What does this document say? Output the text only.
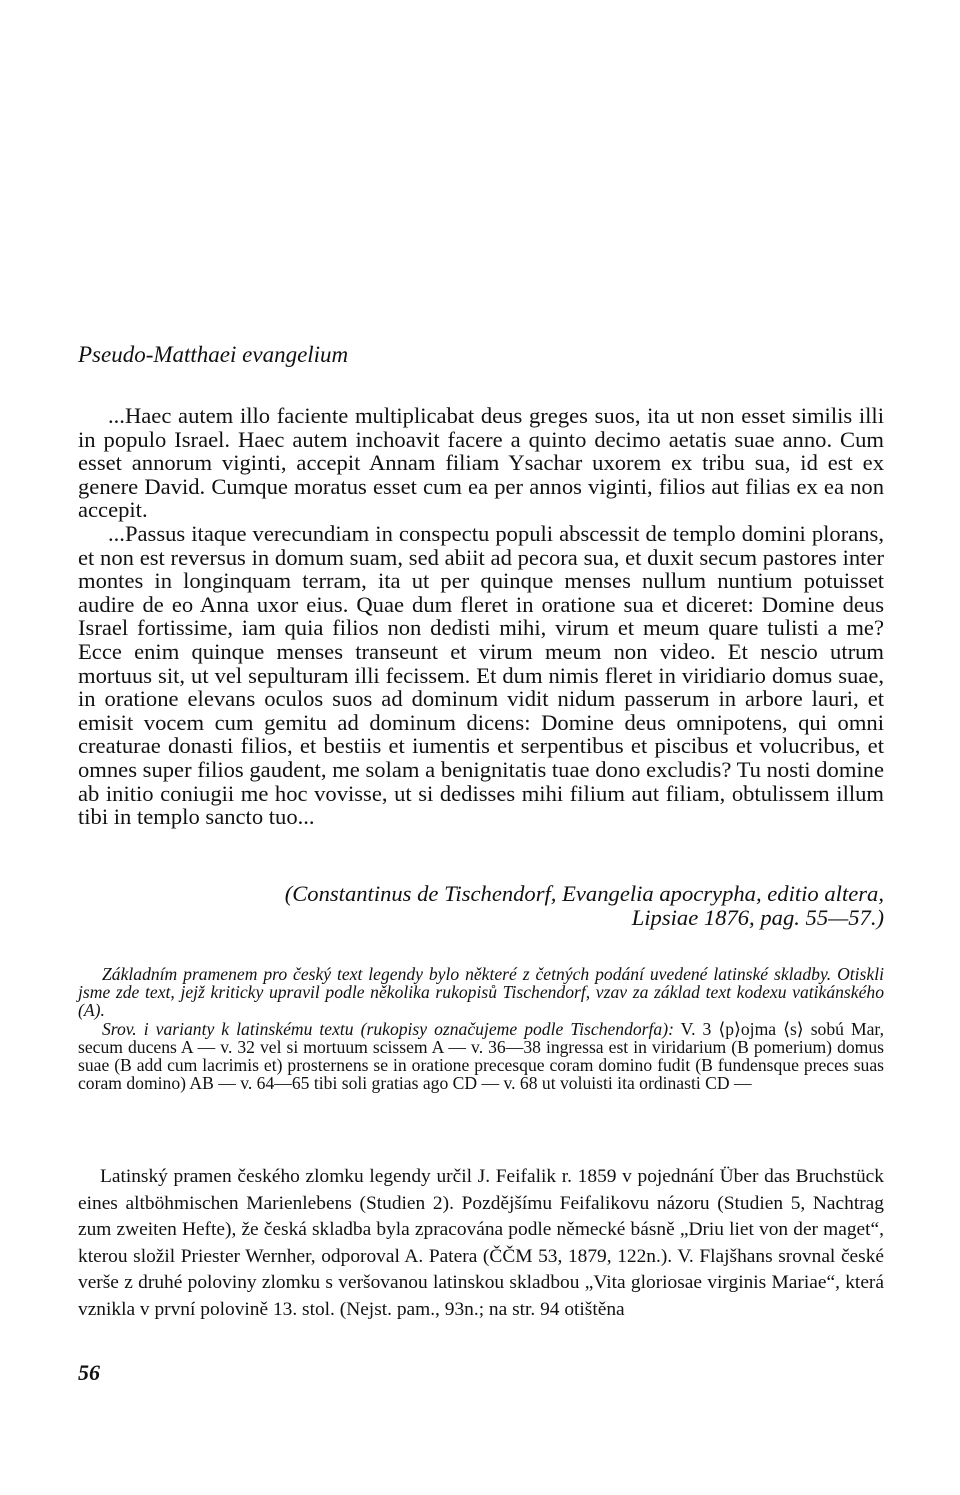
Pseudo-Matthaei evangelium

...Haec autem illo faciente multiplicabat deus greges suos, ita ut non esset similis illi in populo Israel. Haec autem inchoavit facere a quinto decimo aetatis suae anno. Cum esset annorum viginti, accepit Annam filiam Ysachar uxorem ex tribu sua, id est ex genere David. Cumque moratus esset cum ea per annos viginti, filios aut filias ex ea non accepit.

...Passus itaque verecundiam in conspectu populi abscessit de templo domini plorans, et non est reversus in domum suam, sed abiit ad pecora sua, et duxit secum pastores inter montes in longinquam terram, ita ut per quinque menses nullum nuntium potuisset audire de eo Anna uxor eius. Quae dum fleret in oratione sua et diceret: Domine deus Israel fortissime, iam quia filios non dedisti mihi, virum et meum quare tulisti a me? Ecce enim quinque menses transeunt et virum meum non video. Et nescio utrum mortuus sit, ut vel sepulturam illi fecissem. Et dum nimis fleret in viridiario domus suae, in oratione elevans oculos suos ad dominum vidit nidum passerum in arbore lauri, et emisit vocem cum gemitu ad dominum dicens: Domine deus omnipotens, qui omni creaturae donasti filios, et bestiis et iumentis et serpentibus et piscibus et volucribus, et omnes super filios gaudent, me solam a benignitatis tuae dono excludis? Tu nosti domine ab initio coniugii me hoc vovisse, ut si dedisses mihi filium aut filiam, obtulissem illum tibi in templo sancto tuo...

(Constantinus de Tischendorf, Evangelia apocrypha, editio altera,
Lipsiae 1876, pag. 55—57.)

Základním pramenem pro český text legendy bylo některé z četných podání uvedené latinské skladby. Otiskli jsme zde text, jejž kriticky upravil podle několika rukopisů Tischendorf, vzav za základ text kodexu vatikánského (A).

Srov. i varianty k latinskému textu (rukopisy označujeme podle Tischendorfa): V. 3 ⟨p⟩ojma ⟨s⟩ sobú Mar, secum ducens A — v. 32 vel si mortuum scissem A — v. 36—38 ingressa est in viridarium (B pomerium) domus suae (B add cum lacrimis et) prosternens se in oratione precesque coram domino fudit (B fundensque preces suas coram domino) AB — v. 64—65 tibi soli gratias ago CD — v. 68 ut voluisti ita ordinasti CD —

Latinský pramen českého zlomku legendy určil J. Feifalik r. 1859 v pojednání Über das Bruchstück eines altböhmischen Marienlebens (Studien 2). Pozdějšímu Feifalikovu názoru (Studien 5, Nachtrag zum zweiten Hefte), že česká skladba byla zpracována podle německé básně „Driu liet von der maget“, kterou složil Priester Wernher, odporoval A. Patera (ČČM 53, 1879, 122n.). V. Flajšhans srovnal české verše z druhé poloviny zlomku s veršovanou latinskou skladbou „Vita gloriosae virginis Mariae“, která vznikla v první polovině 13. stol. (Nejst. pam., 93n.; na str. 94 otištěna

56
